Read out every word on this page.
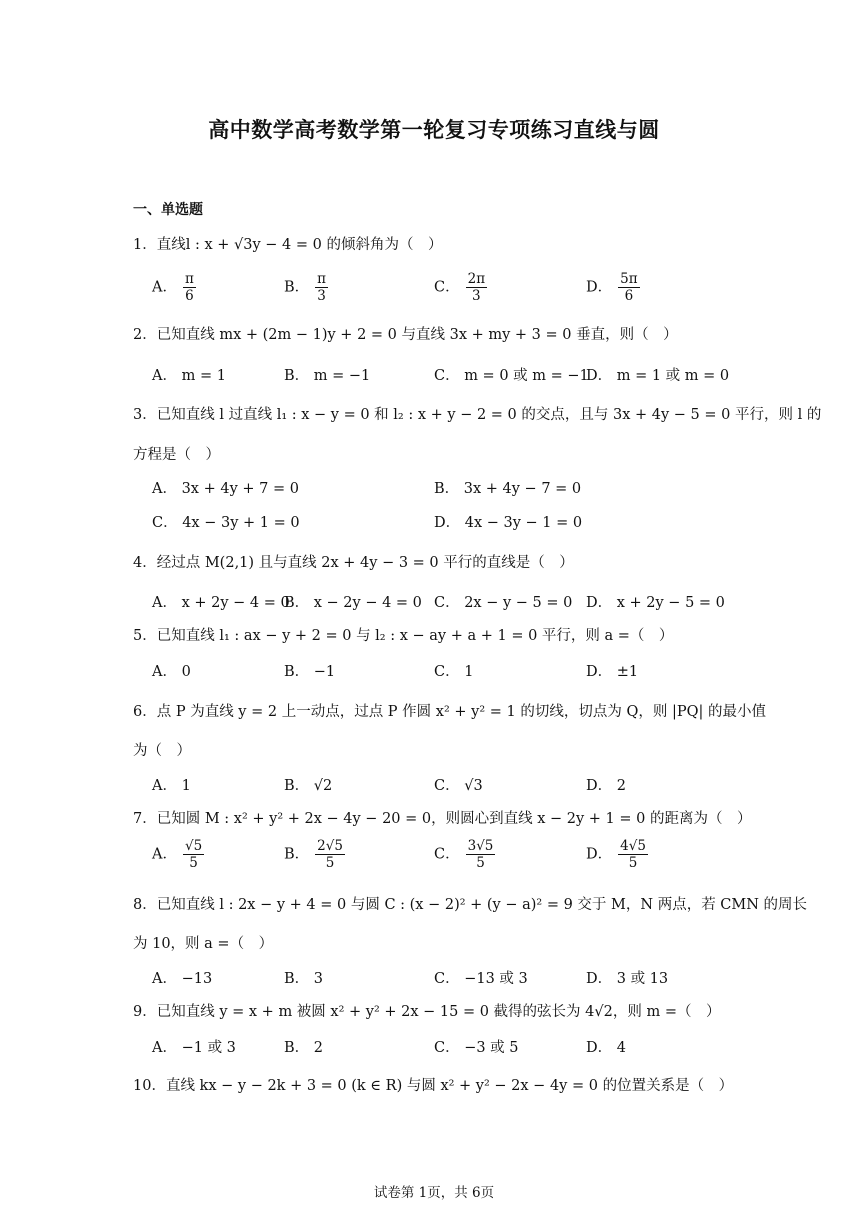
高中数学高考数学第一轮复习专项练习直线与圆
一、单选题
1．直线l : x + √3y − 4 = 0 的倾斜角为（　）
A． $\frac{\pi}{6}$	B． $\frac{\pi}{3}$	C． $\frac{2\pi}{3}$	D． $\frac{5\pi}{6}$
2．已知直线 mx + (2m − 1)y + 2 = 0 与直线 3x + my + 3 = 0 垂直，则（　）
A． m = 1	B． m = −1	C． m = 0 或 m = −1
D． m = 1 或 m = 0
3．已知直线 l 过直线 l₁ : x − y = 0 和 l₂ : x + y − 2 = 0 的交点，且与 3x + 4y − 5 = 0 平行，则 l 的
方程是（　）
A． 3x + 4y + 7 = 0	B． 3x + 4y − 7 = 0
C． 4x − 3y + 1 = 0	D． 4x − 3y − 1 = 0
4．经过点 M(2,1) 且与直线 2x + 4y − 3 = 0 平行的直线是（　）
A． x + 2y − 4 = 0
B． x − 2y − 4 = 0 C． 2x − y − 5 = 0 D． x + 2y − 5 = 0
5．已知直线 l₁ : ax − y + 2 = 0 与 l₂ : x − ay + a + 1 = 0 平行，则 a =（　）
A． 0	B． −1	C． 1	D． ±1
6．点 P 为直线 y = 2 上一动点，过点 P 作圆 x² + y² = 1 的切线，切点为 Q，则 |PQ| 的最小值
为（　）
A． 1	B． √2	C． √3	D． 2
7．已知圆 M : x² + y² + 2x − 4y − 20 = 0，则圆心到直线 x − 2y + 1 = 0 的距离为（　）
A． $\frac{√5}{5}$	B． $\frac{2√5}{5}$	C． $\frac{3√5}{5}$	D． $\frac{4√5}{5}$
8．已知直线 l : 2x − y + 4 = 0 与圆 C : (x − 2)² + (y − a)² = 9 交于 M，N 两点，若 CMN 的周长
为 10，则 a =（　）
A． −13	B． 3	C． −13 或 3	D． 3 或 13
9．已知直线 y = x + m 被圆 x² + y² + 2x − 15 = 0 截得的弦长为 4√2，则 m =（　）
A． −1 或 3	B． 2	C． −3 或 5	D． 4
10．直线 kx − y − 2k + 3 = 0 (k ∈ R) 与圆 x² + y² − 2x − 4y = 0 的位置关系是（　）
试卷第 1页，共 6页
